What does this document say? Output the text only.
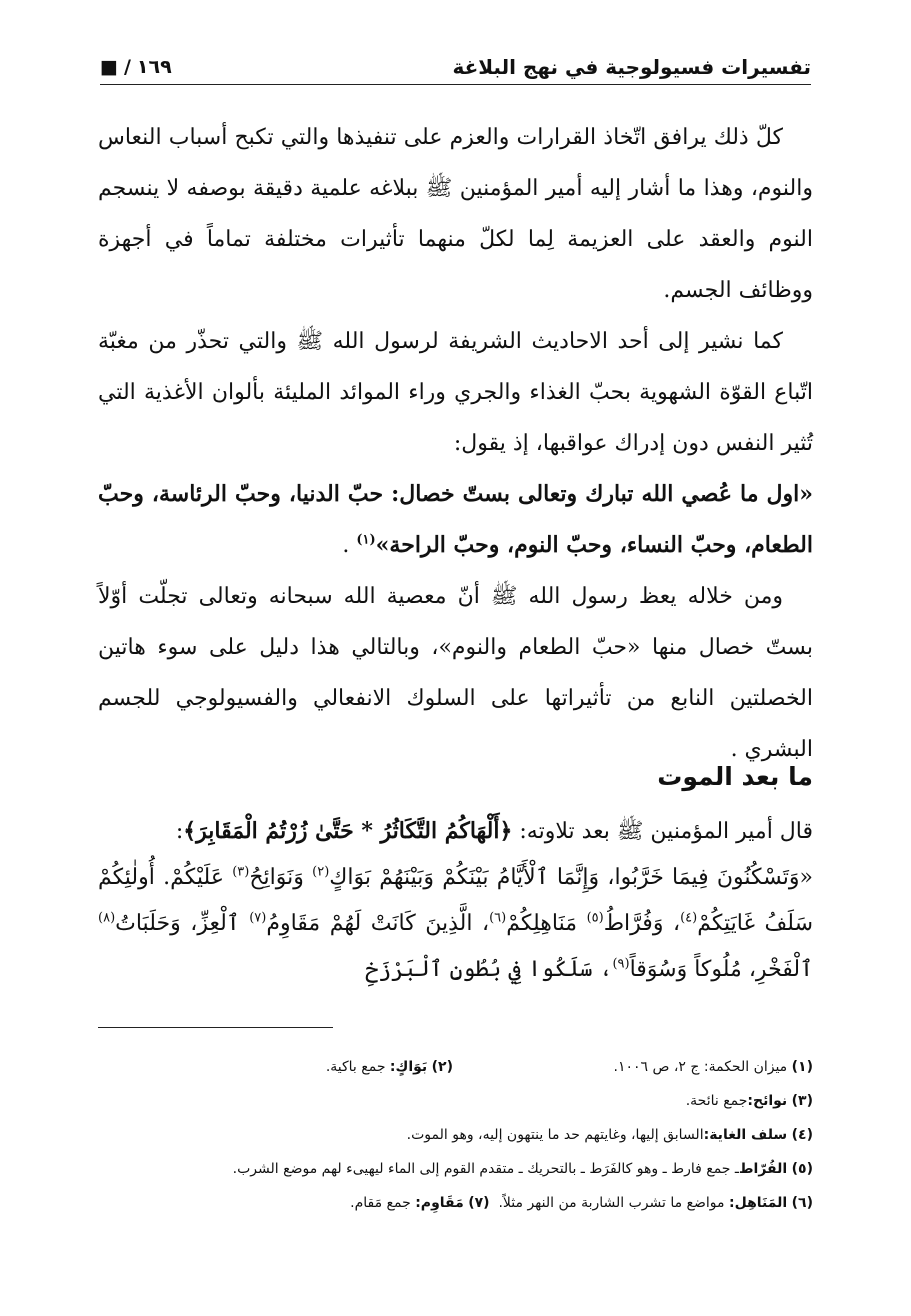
تفسيرات فسيولوجية في نهج البلاغة
١٦٩/■

كلّ ذلك يرافق اتّخاذ القرارات والعزم على تنفيذها والتي تكبح أسباب النعاس والنوم، وهذا ما أشار إليه أمير المؤمنين ﷺ ببلاغه علمية دقيقة بوصفه لا ينسجم النوم والعقد على العزيمة لِما لكلّ منهما تأثيرات مختلفة تماماً في أجهزة ووظائف الجسم.

كما نشير إلى أحد الاحاديث الشريفة لرسول الله ﷺ والتي تحذّر من مغبّة اتّباع القوّة الشهوية بحبّ الغذاء والجري وراء الموائد المليئة بألوان الأغذية التي تُثير النفس دون إدراك عواقبها، إذ يقول:

«اول ما عُصي الله تبارك وتعالى بستّ خصال: حبّ الدنيا، وحبّ الرئاسة، وحبّ الطعام، وحبّ النساء، وحبّ النوم، وحبّ الراحة»$^{(١)}$ .

ومن خلاله يعظ رسول الله ﷺ أنّ معصية الله سبحانه وتعالى تجلّت أوّلاً بستّ خصال منها «حبّ الطعام والنوم»، وبالتالي هذا دليل على سوء هاتين الخصلتين النابع من تأثيراتها على السلوك الانفعالي والفسيولوجي للجسم البشري .

ما بعد الموت

قال أمير المؤمنين ﷺ بعد تلاوته: ﴿أَلْهَاكُمُ التَّكَاثُرُ * حَتَّىٰ زُرْتُمُ الْمَقَابِرَ﴾:

«وَتَسْكُنُونَ فِيمَا خَرَّبُوا، وَإِنَّمَا ٱلْأَيَّامُ بَيْنَكُمْ وَبَيْنَهُمْ بَوَاكٍ$^{(٢)}$ وَنَوَائِحُ$^{(٣)}$ عَلَيْكُمْ. أُولٰئِكُمْ سَلَفُ غَايَتِكُمْ$^{(٤)}$، وَفُرَّاطُ$^{(٥)}$ مَنَاهِلِكُمْ$^{(٦)}$، الَّذِينَ كَانَتْ لَهُمْ مَقَاوِمُ$^{(٧)}$ ٱلْعِزِّ، وَحَلَبَاتُ$^{(٨)}$ ٱلْفَخْرِ، مُلُوكاً وَسُوَقاً$^{(٩)}$، سَلَكُوا فِي بُطُونِ ٱلْبَرْزَخِ

(١) ميزان الحكمة: ج ٢، ص ١٠٠٦.
(٢) بَوَاكٍ: جمع باكية.
(٣)

نوائح:
جمع نائحة.
(٤)

سلف الغاية:
السابق إليها، وغايتهم حد ما ينتهون إليه، وهو الموت.
(٥)

الفُرّاط
ـ جمع فارط ـ وهو كالفَرَط ـ بالتحريك ـ متقدم القوم إلى الماء ليهيىء لهم موضع الشرب.
(٦) المَنَاهِل: مواضع ما تشرب الشاربة من النهر مثلاً.

(٧) مَقَاوِم: جمع مَقام.
